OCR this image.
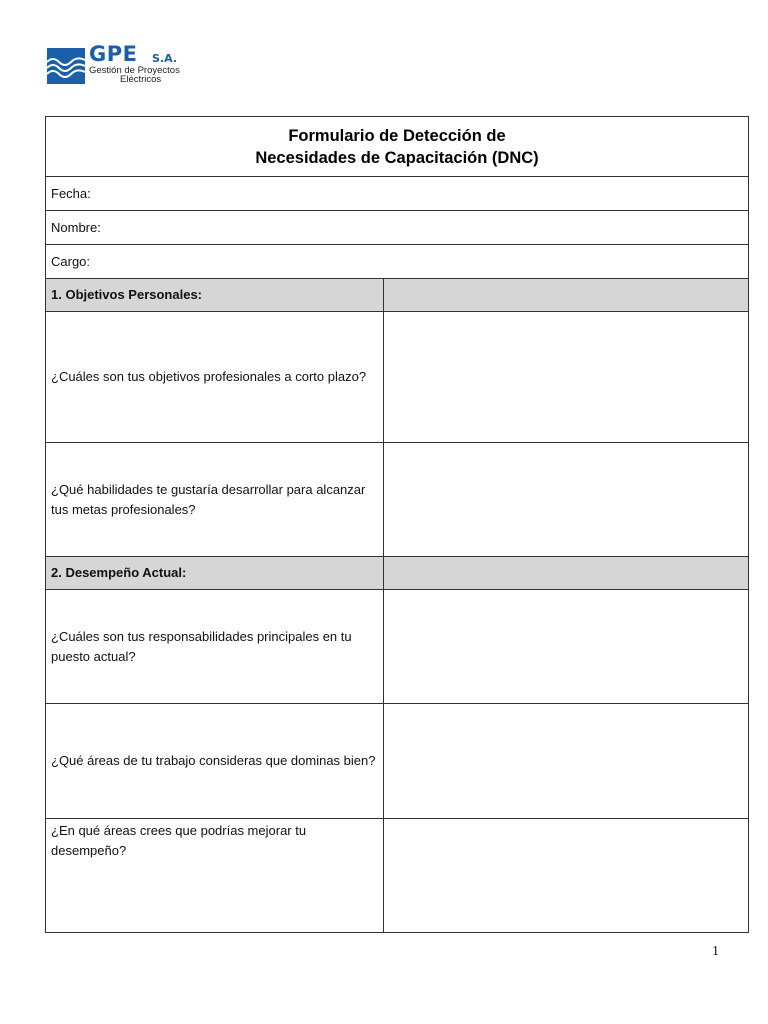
GPE S.A.
Gestión de Proyectos
Eléctricos
Formulario de Detección de
Necesidades de Capacitación (DNC)	

Fecha:	
Nombre:	
Cargo:	
1. Objetivos Personales:	
¿Cuáles son tus objetivos profesionales a corto plazo?	
¿Qué habilidades te gustaría desarrollar para alcanzar tus metas profesionales?	
2. Desempeño Actual:	
¿Cuáles son tus responsabilidades principales en tu puesto actual?	
¿Qué áreas de tu trabajo consideras que dominas bien?	
¿En qué áreas crees que podrías mejorar tu desempeño?	
1
